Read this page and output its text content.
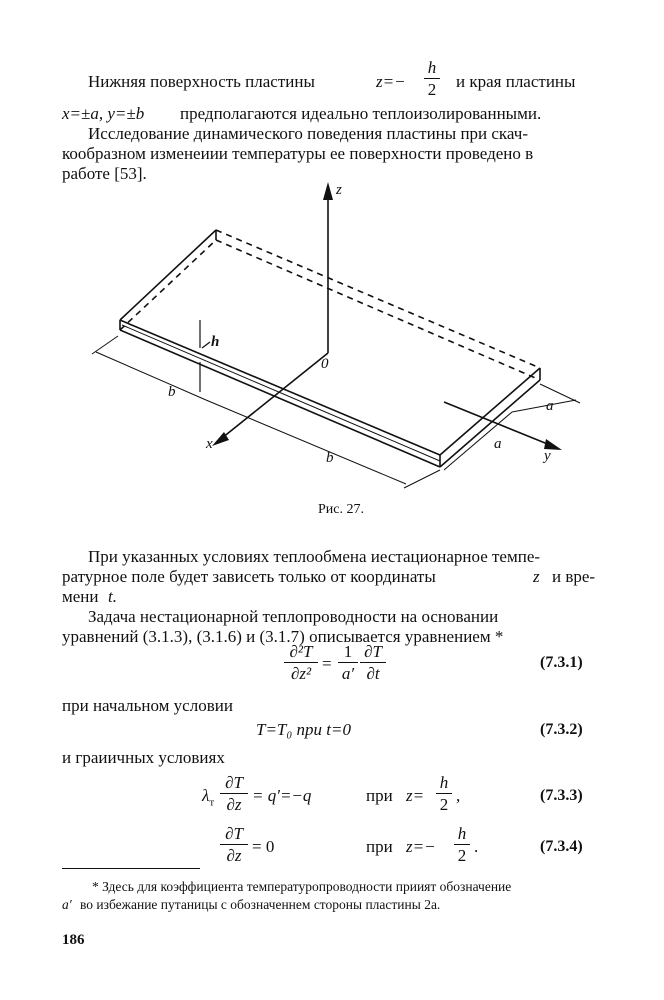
Нижняя поверхность пластины	z=−
h
2 и края пластины
x=±a, y=±b предполагаются идеально теплоизолированными.
Исследование динамического поведения пластины при скач-
кообразном изменеиии температуры ее поверхности проведено в
работе [53].
z
x
y
0
h
b
b
a
a
Рис. 27.
При указанных условиях теплообмена иестационарное темпе-
ратурное поле будет зависеть только от координаты	z и вре-
мени t.
Задача нестационарной теплопроводности на основании
уравнений (3.1.3), (3.1.6) и (3.1.7) описывается уравнением *
∂²T
∂z²
=
1
a′
∂T
∂t
(7.3.1)
при начальном условии
T=T₀ при t=0	(7.3.2)
и граиичных условиях
$\lambda_т$
∂T
∂z = q′=−q	при z=
h
2 ,	(7.3.3)
∂T
∂z = 0	при z=−
h
2 .	(7.3.4)
* Здесь для коэффициента температуропроводности приият обозначение
a′ во избежание путаницы с обозначеннем стороны пластины 2a.
186
